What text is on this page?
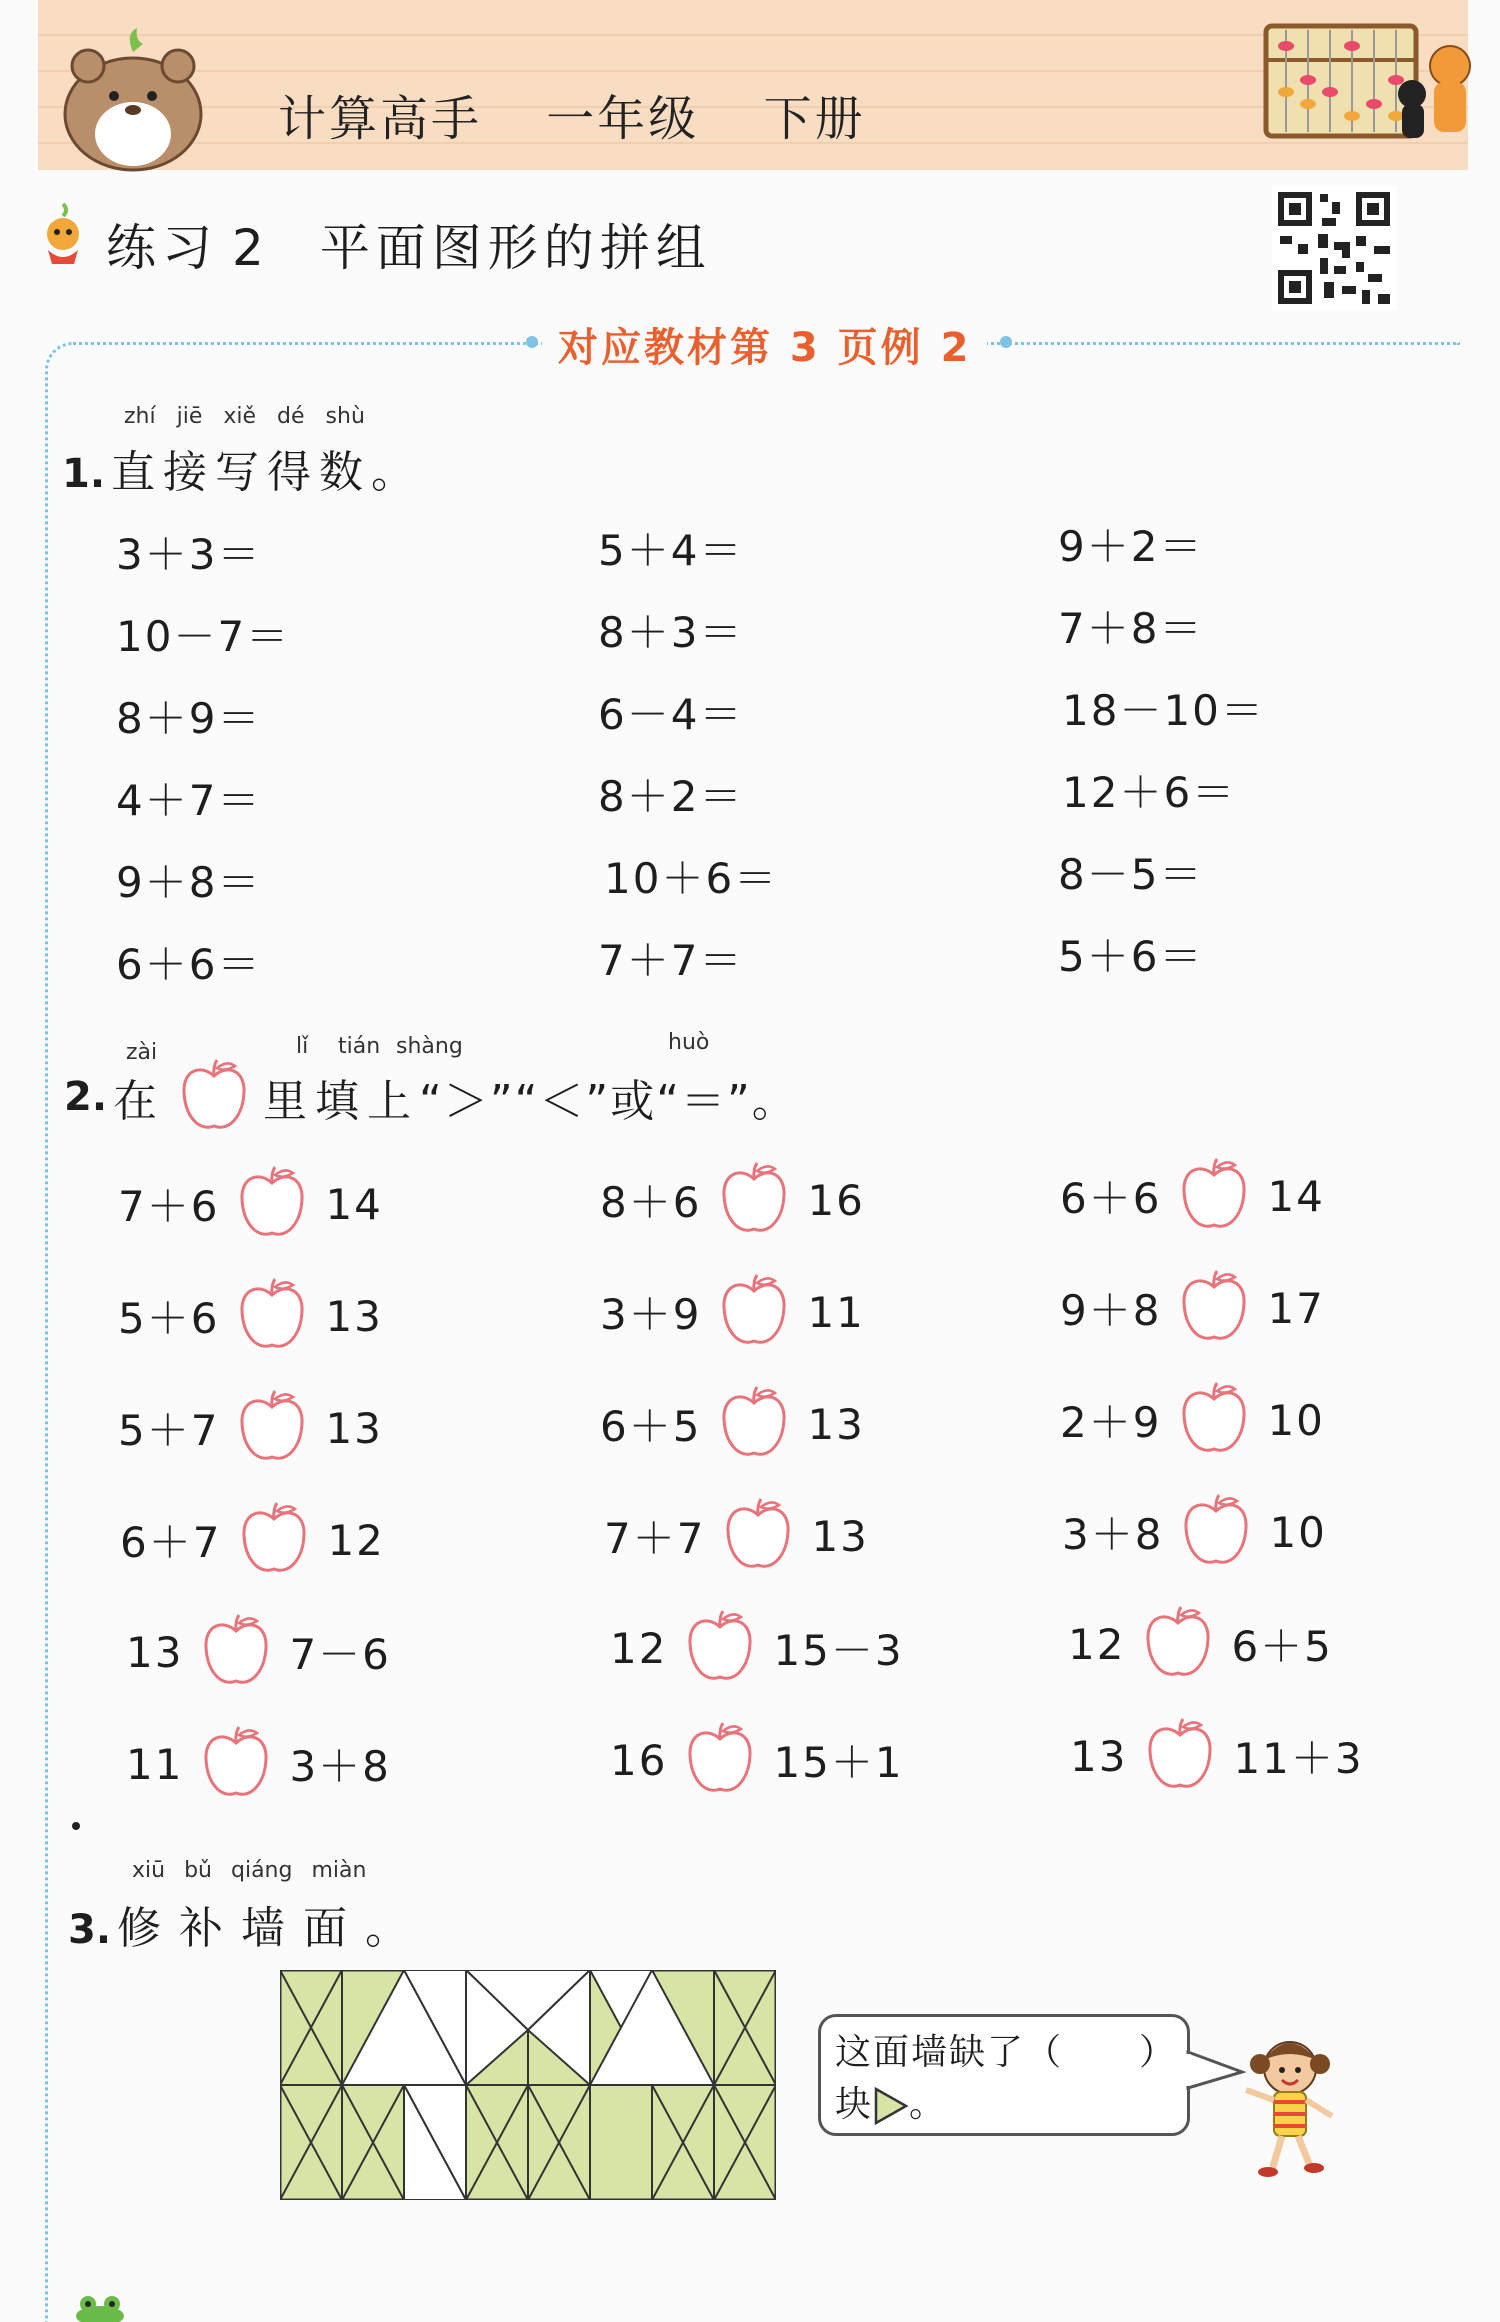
计算高手 一年级 下册
练习 2 平面图形的拼组
对应教材第 3 页例 2
zhí jiē xiě dé shù
1. 直接写得数。
3＋3＝
10－7＝
8＋9＝
4＋7＝
9＋8＝
6＋6＝
5＋4＝
8＋3＝
6－4＝
8＋2＝
10＋6＝
7＋7＝
9＋2＝
7＋8＝
18－10＝
12＋6＝
8－5＝
5＋6＝
zài	lǐ tián shàng	huò
2. 在 里填上 “＞”“＜”或“＝”。
7＋6	14	8＋6	16	6＋6	14
5＋6	13	3＋9	11	9＋8	17
5＋7	13	6＋5	13	2＋9	10
6＋7	12	7＋7	13	3＋8	10
13	7－6	12	15－3	12	6＋5
11	3＋8	16	15＋1	13	11＋3
xiū bǔ qiáng miàn
3. 修补墙面。
这面墙缺了（　　）
块 。
